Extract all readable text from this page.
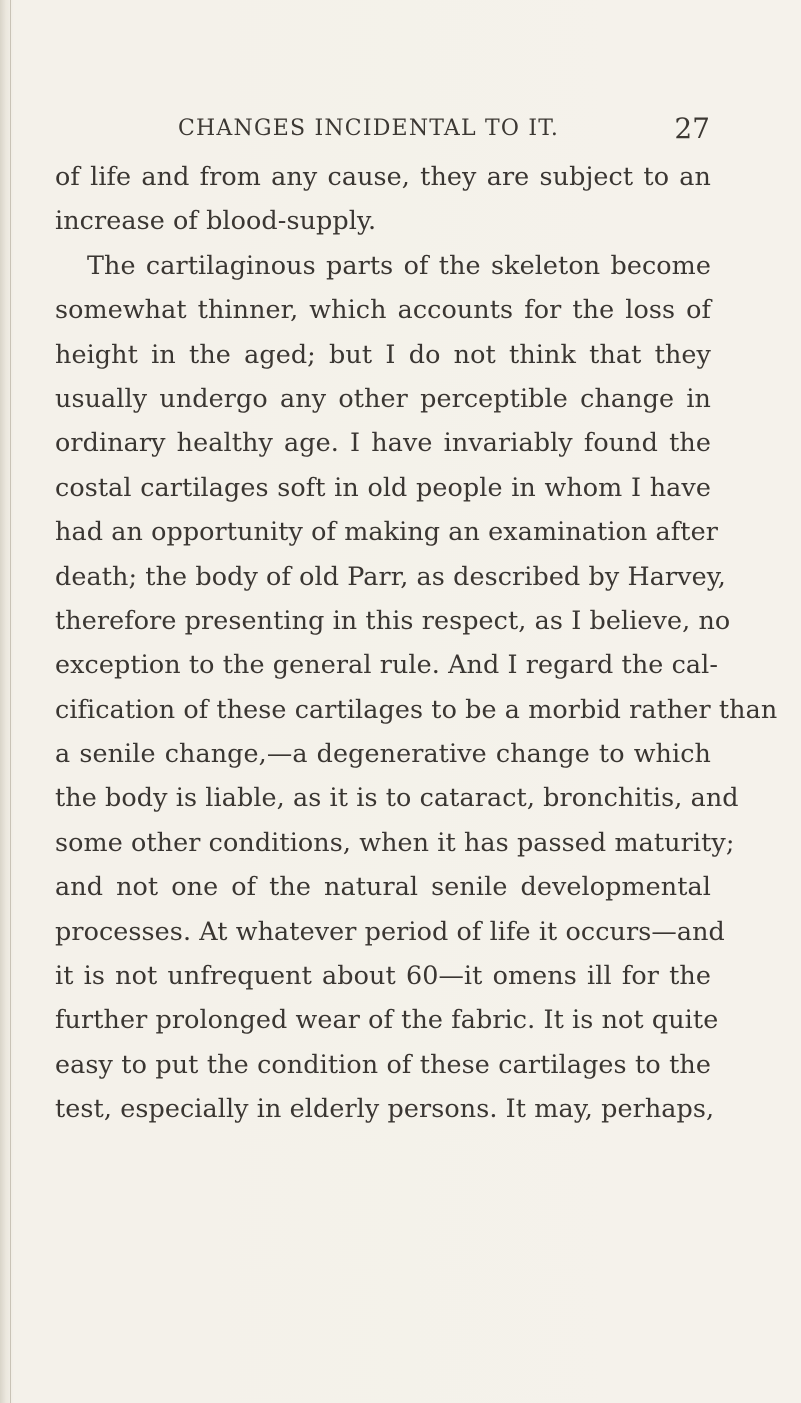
CHANGES INCIDENTAL TO IT.	27
of life and from any cause, they are subject to an
increase of blood-supply.
The cartilaginous parts of the skeleton become
somewhat thinner, which accounts for the loss of
height in the aged; but I do not think that they
usually undergo any other perceptible change in
ordinary healthy age. I have invariably found the
costal cartilages soft in old people in whom I have
had an opportunity of making an examination after
death; the body of old Parr, as described by Harvey,
therefore presenting in this respect, as I believe, no
exception to the general rule. And I regard the cal-
cification of these cartilages to be a morbid rather than
a senile change,—a degenerative change to which
the body is liable, as it is to cataract, bronchitis, and
some other conditions, when it has passed maturity;
and not one of the natural senile developmental
processes. At whatever period of life it occurs—and
it is not unfrequent about 60—it omens ill for the
further prolonged wear of the fabric. It is not quite
easy to put the condition of these cartilages to the
test, especially in elderly persons. It may, perhaps,
